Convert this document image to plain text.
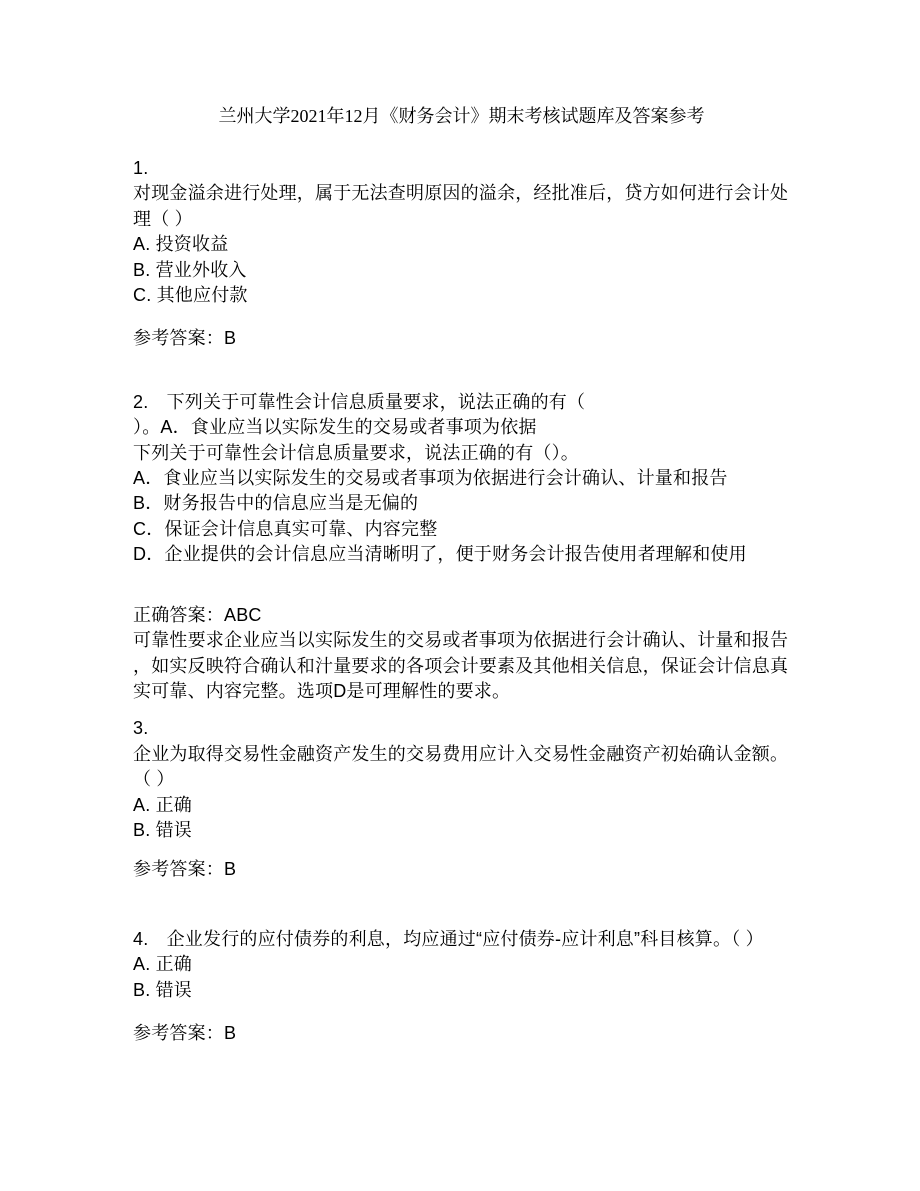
兰州大学2021年12月《财务会计》期末考核试题库及答案参考

1.

对现金溢余进行处理，属于无法查明原因的溢余，经批准后，贷方如何进行会计处

理（ ）

A. 投资收益

B. 营业外收入

C. 其他应付款

参考答案：B

2.　下列关于可靠性会计信息质量要求，说法正确的有（

）。A．食业应当以实际发生的交易或者事项为依据

下列关于可靠性会计信息质量要求，说法正确的有（）。

A．食业应当以实际发生的交易或者事项为依据进行会计确认、计量和报告

B．财务报告中的信息应当是无偏的

C．保证会计信息真实可靠、内容完整

D．企业提供的会计信息应当清晰明了，便于财务会计报告使用者理解和使用

正确答案：ABC

可靠性要求企业应当以实际发生的交易或者事项为依据进行会计确认、计量和报告

，如实反映符合确认和汁量要求的各项会计要素及其他相关信息，保证会计信息真

实可靠、内容完整。选项D是可理解性的要求。

3.

企业为取得交易性金融资产发生的交易费用应计入交易性金融资产初始确认金额。

（ ）

A. 正确

B. 错误

参考答案：B

4.　企业发行的应付债券的利息，均应通过“应付债券-应计利息”科目核算。（ ）

A. 正确

B. 错误

参考答案：B
